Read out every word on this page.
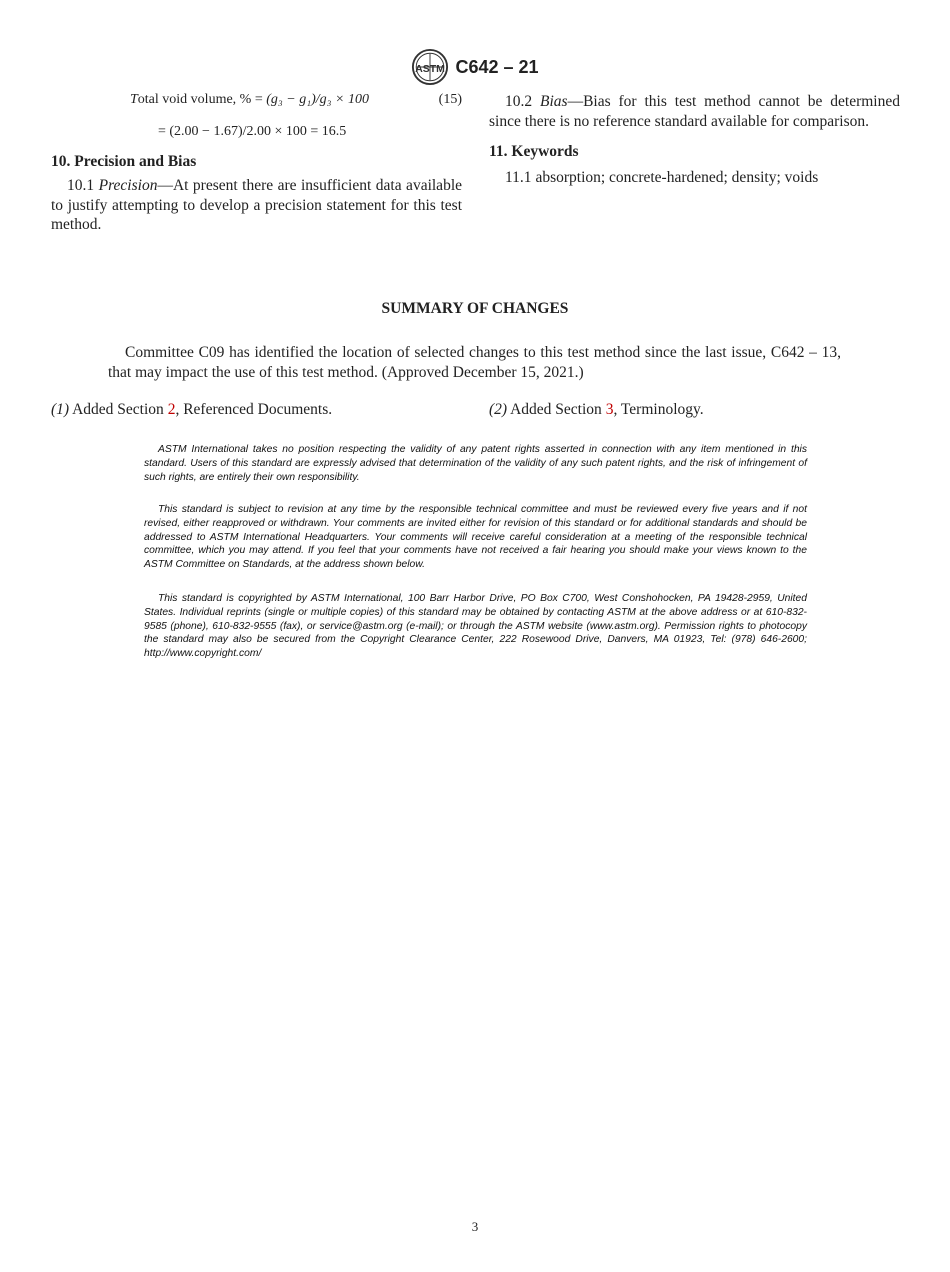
ASTM C642 – 21
Total void volume, % = (g₃ − g₁)/g₃ × 100	(15)
= (2.00 − 1.67)/2.00 × 100 = 16.5

10. Precision and Bias

10.1 Precision—At present there are insufficient data available to justify attempting to develop a precision statement for this test method.

10.2 Bias—Bias for this test method cannot be determined since there is no reference standard available for comparison.

11. Keywords

11.1 absorption; concrete-hardened; density; voids

SUMMARY OF CHANGES
Committee C09 has identified the location of selected changes to this test method since the last issue, C642 – 13, that may impact the use of this test method. (Approved December 15, 2021.)
(1) Added Section 2, Referenced Documents.	(2) Added Section 3, Terminology.
ASTM International takes no position respecting the validity of any patent rights asserted in connection with any item mentioned in this standard. Users of this standard are expressly advised that determination of the validity of any such patent rights, and the risk of infringement of such rights, are entirely their own responsibility.
This standard is subject to revision at any time by the responsible technical committee and must be reviewed every five years and if not revised, either reapproved or withdrawn. Your comments are invited either for revision of this standard or for additional standards and should be addressed to ASTM International Headquarters. Your comments will receive careful consideration at a meeting of the responsible technical committee, which you may attend. If you feel that your comments have not received a fair hearing you should make your views known to the ASTM Committee on Standards, at the address shown below.
This standard is copyrighted by ASTM International, 100 Barr Harbor Drive, PO Box C700, West Conshohocken, PA 19428-2959, United States. Individual reprints (single or multiple copies) of this standard may be obtained by contacting ASTM at the above address or at 610-832-9585 (phone), 610-832-9555 (fax), or service@astm.org (e-mail); or through the ASTM website (www.astm.org). Permission rights to photocopy the standard may also be secured from the Copyright Clearance Center, 222 Rosewood Drive, Danvers, MA 01923, Tel: (978) 646-2600; http://www.copyright.com/
3
